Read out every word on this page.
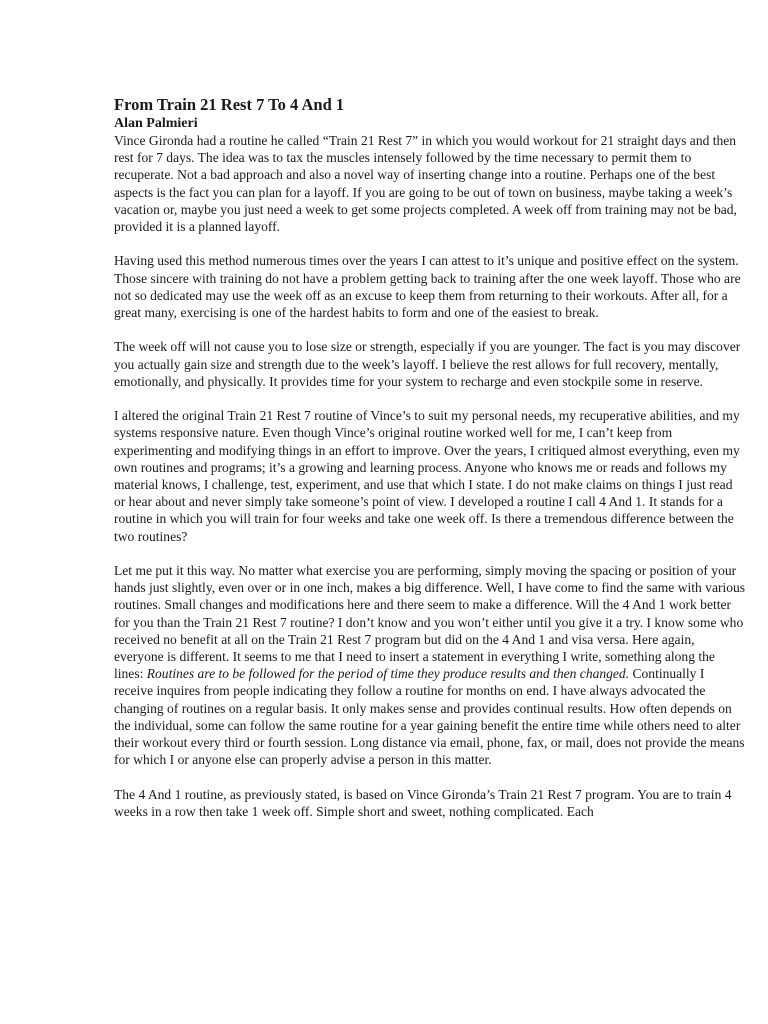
From Train 21 Rest 7 To 4 And 1

Alan Palmieri

Vince Gironda had a routine he called “Train 21 Rest 7” in which you would workout for 21 straight days and then rest for 7 days. The idea was to tax the muscles intensely followed by the time necessary to permit them to recuperate. Not a bad approach and also a novel way of inserting change into a routine. Perhaps one of the best aspects is the fact you can plan for a layoff. If you are going to be out of town on business, maybe taking a week’s vacation or, maybe you just need a week to get some projects completed. A week off from training may not be bad, provided it is a planned layoff.

Having used this method numerous times over the years I can attest to it’s unique and positive effect on the system. Those sincere with training do not have a problem getting back to training after the one week layoff. Those who are not so dedicated may use the week off as an excuse to keep them from returning to their workouts. After all, for a great many, exercising is one of the hardest habits to form and one of the easiest to break.

The week off will not cause you to lose size or strength, especially if you are younger. The fact is you may discover you actually gain size and strength due to the week’s layoff. I believe the rest allows for full recovery, mentally, emotionally, and physically. It provides time for your system to recharge and even stockpile some in reserve.

I altered the original Train 21 Rest 7 routine of Vince’s to suit my personal needs, my recuperative abilities, and my systems responsive nature. Even though Vince’s original routine worked well for me, I can’t keep from experimenting and modifying things in an effort to improve. Over the years, I critiqued almost everything, even my own routines and programs; it’s a growing and learning process. Anyone who knows me or reads and follows my material knows, I challenge, test, experiment, and use that which I state. I do not make claims on things I just read or hear about and never simply take someone’s point of view. I developed a routine I call 4 And 1. It stands for a routine in which you will train for four weeks and take one week off. Is there a tremendous difference between the two routines?

Let me put it this way. No matter what exercise you are performing, simply moving the spacing or position of your hands just slightly, even over or in one inch, makes a big difference. Well, I have come to find the same with various routines. Small changes and modifications here and there seem to make a difference. Will the 4 And 1 work better for you than the Train 21 Rest 7 routine? I don’t know and you won’t either until you give it a try. I know some who received no benefit at all on the Train 21 Rest 7 program but did on the 4 And 1 and visa versa. Here again, everyone is different. It seems to me that I need to insert a statement in everything I write, something along the lines: Routines are to be followed for the period of time they produce results and then changed. Continually I receive inquires from people indicating they follow a routine for months on end. I have always advocated the changing of routines on a regular basis. It only makes sense and provides continual results. How often depends on the individual, some can follow the same routine for a year gaining benefit the entire time while others need to alter their workout every third or fourth session. Long distance via email, phone, fax, or mail, does not provide the means for which I or anyone else can properly advise a person in this matter.

The 4 And 1 routine, as previously stated, is based on Vince Gironda’s Train 21 Rest 7 program. You are to train 4 weeks in a row then take 1 week off. Simple short and sweet, nothing complicated. Each
